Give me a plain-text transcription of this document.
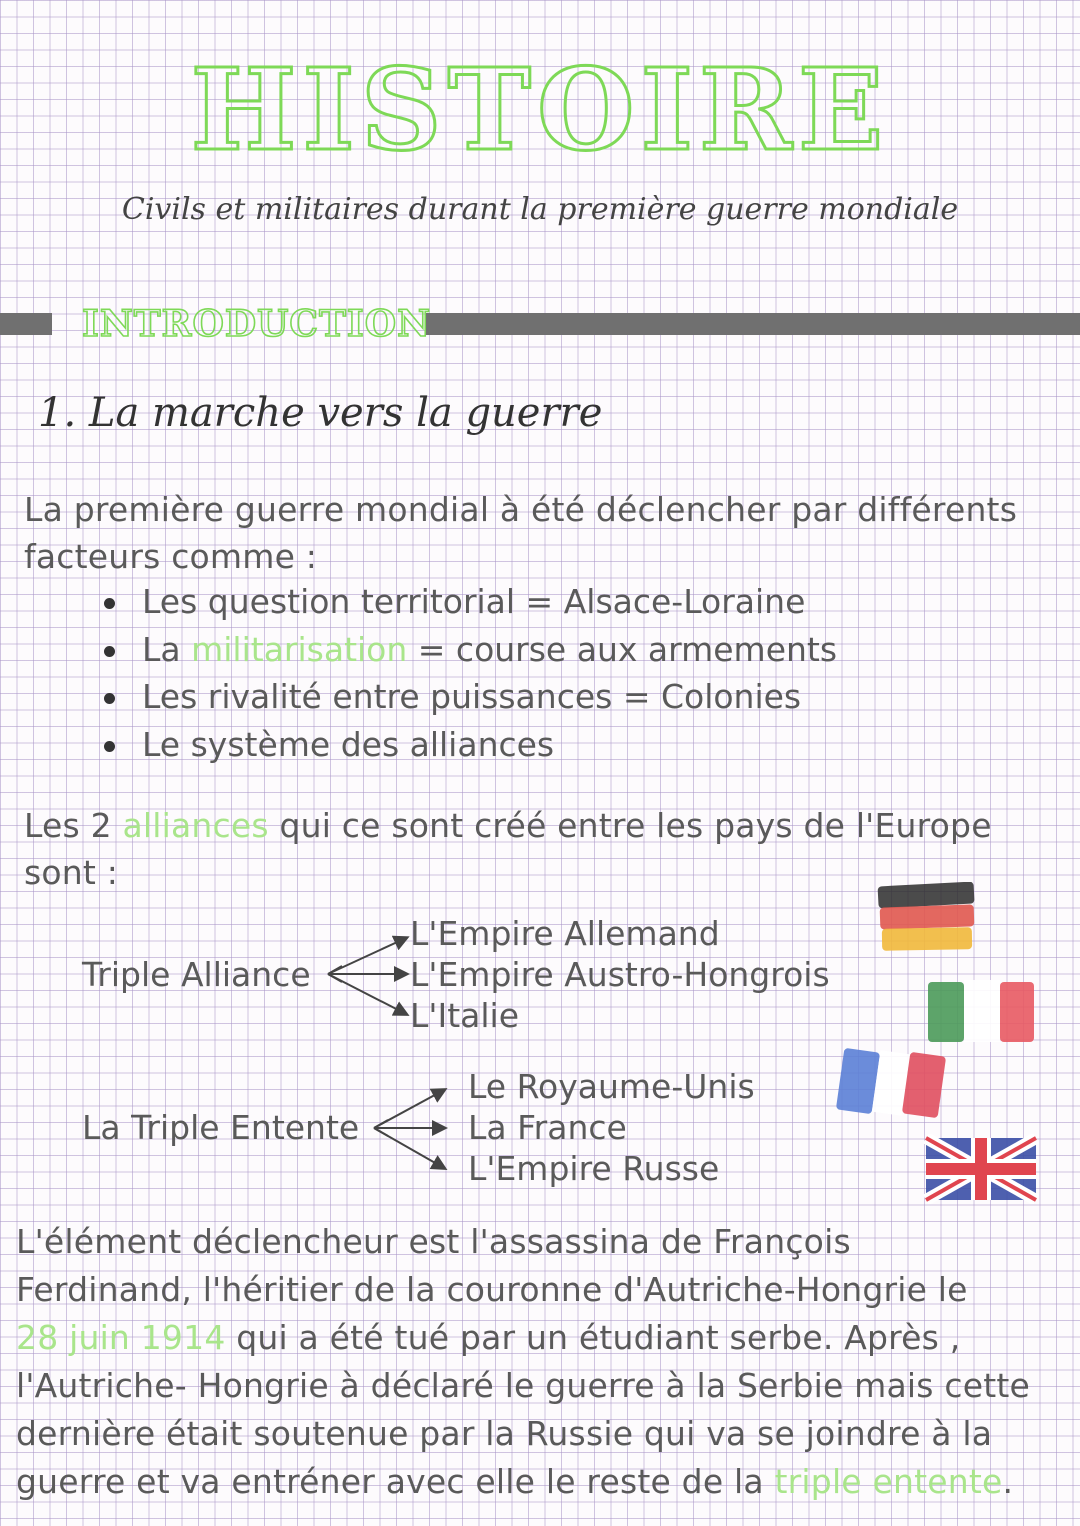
HISTOIRE
Civils et militaires durant la première guerre mondiale
INTRODUCTION
1. La marche vers la guerre
La première guerre mondial à été déclencher par différents
facteurs comme :
Les question territorial = Alsace-Loraine
La militarisation = course aux armements
Les rivalité entre puissances = Colonies
Le système des alliances
Les 2 alliances qui ce sont créé entre les pays de l'Europe
sont :
Triple Alliance
L'Empire Allemand
L'Empire Austro-Hongrois
L'Italie
La Triple Entente
Le Royaume-Unis
La France
L'Empire Russe
L'élément déclencheur est l'assassina de François
Ferdinand, l'héritier de la couronne d'Autriche-Hongrie le
28 juin 1914 qui a été tué par un étudiant serbe. Après ,
l'Autriche- Hongrie à déclaré le guerre à la Serbie mais cette
dernière était soutenue par la Russie qui va se joindre à la
guerre et va entréner avec elle le reste de la triple entente.
